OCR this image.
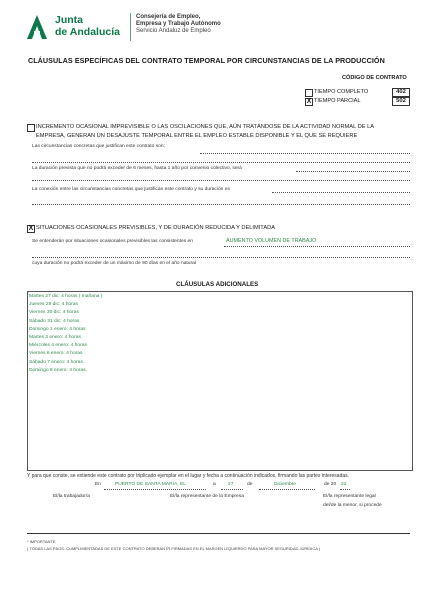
Junta
de Andalucía
Consejería de Empleo,
Empresa y Trabajo Autónomo
Servicio Andaluz de Empleo
CLÁUSULAS ESPECÍFICAS DEL CONTRATO TEMPORAL POR CIRCUNSTANCIAS DE LA PRODUCCIÓN
CÓDIGO DE CONTRATO
TIEMPO COMPLETO	402
X TIEMPO PARCIAL	502
INCREMENTO OCASIONAL IMPREVISIBLE O LAS OSCILACIONES QUE, AÚN TRATÁNDOSE DE LA ACTIVIDAD NORMAL DE LA
EMPRESA, GENERAN UN DESAJUSTE TEMPORAL ENTRE EL EMPLEO ESTABLE DISPONIBLE Y EL QUE SE REQUIERE
Las circunstancias concretas que justifican este contrato son:
La duración prevista que no podrá exceder de 6 meses, hasta 1 año por convenio colectivo, será
La conexión entre las circunstancias concretas que justifican este contrato y su duración es
X SITUACIONES OCASIONALES PREVISIBLES, Y DE DURACIÓN REDUCIDA Y DELIMITADA
Se entenderán por situaciones ocasionales previsibles las consistentes en	AUMENTO VOLUMEN DE TRABAJO
cuya duración no podrá exceder de un máximo de 90 días en el año natural
CLÁUSULAS ADICIONALES
Martes 27 dic: 4 horas ( mañana )
Jueves 29 dic: 4 horas
Viernes 30 dic: 4 horas
Sábado 31 dic: 4 horas
Domingo 1 enero: 4 horas
Martes 3 enero: 4 horas
Miércoles 4 enero: 4 horas
Viernes 6 enero: 4 horas
Sábado 7 enero: 4 horas.
Domingo 8 enero: 4 horas.
Y para que conste, se extiende este contrato por triplicado ejemplar en el lugar y fecha a continuación indicados, firmando las partes interesadas.
En	PUERTO DE SANTA MARIA, EL	a	27	de	Diciembre	de 20 22
El/la trabajador/a	El/la representante de la Empresa	El/la representante legal
del/de la menor, si procede
* IMPORTANTE
( TODAS LAS PÁGS. CUMPLIMENTADAS DE ESTE CONTRATO DEBERÁN IR FIRMADAS EN EL MARGEN IZQUIERDO PARA MAYOR SEGURIDAD JURÍDICA )
